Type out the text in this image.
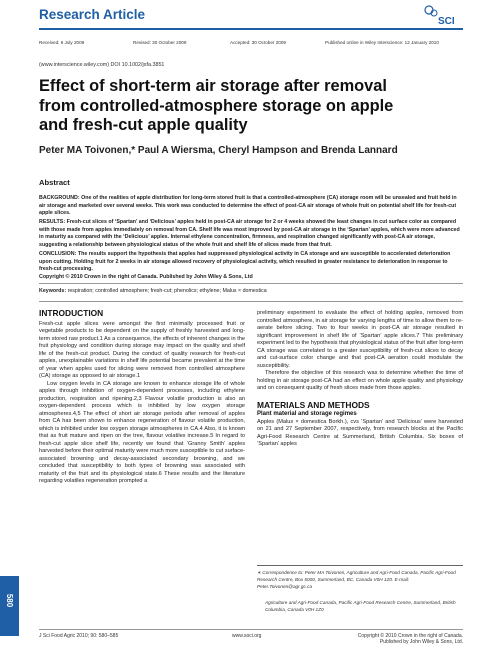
Research Article	SCI
Received: 6 July 2009	Revised: 30 October 2009	Accepted: 30 October 2009	Published online in Wiley Interscience: 12 January 2010
(www.interscience.wiley.com) DOI 10.1002/jsfa.3851
Effect of short-term air storage after removal
from controlled-atmosphere storage on apple
and fresh-cut apple quality
Peter MA Toivonen,* Paul A Wiersma, Cheryl Hampson and Brenda Lannard
Abstract
BACKGROUND: One of the realities of apple distribution for long-term stored fruit is that a controlled-atmosphere (CA) storage room will be unsealed and fruit held in air storage and marketed over several weeks. This work was conducted to determine the effect of post-CA air storage of whole fruit on potential shelf life for fresh-cut apple slices.
RESULTS: Fresh-cut slices of ‘Spartan’ and ‘Delicious’ apples held in post-CA air storage for 2 or 4 weeks showed the least changes in cut surface color as compared with those made from apples immediately on removal from CA. Shelf life was most improved by post-CA air storage in the ‘Spartan’ apples, which were more advanced in maturity as compared with the ‘Delicious’ apples. Internal ethylene concentration, firmness, and respiration changed significantly with post-CA air storage, suggesting a relationship between physiological status of the whole fruit and shelf life of slices made from that fruit.
CONCLUSION: The results support the hypothesis that apples had suppressed physiological activity in CA storage and are susceptible to accelerated deterioration upon cutting. Holding fruit for 2 weeks in air storage allowed recovery of physiological activity, which resulted in greater resistance to deterioration in response to fresh-cut processing.
Copyright © 2010 Crown in the right of Canada. Published by John Wiley & Sons, Ltd
Keywords: respiration; controlled atmosphere; fresh-cut; phenolics; ethylene; Malus × domestica
INTRODUCTION

Fresh-cut apple slices were amongst the first minimally processed fruit or vegetable products to be dependent on the supply of freshly harvested and long-term stored raw product.1 As a consequence, the effects of inherent changes in the fruit physiology and condition during storage may impact on the quality and shelf life of the fresh-cut product. During the conduct of quality research for fresh-cut apples, unexplainable variations in shelf life potential became prevalent at the time of year when apples used for slicing were removed from controlled atmosphere (CA) storage as opposed to air storage.1

Low oxygen levels in CA storage are known to enhance storage life of whole apples through inhibition of oxygen-dependent processes, including ethylene production, respiration and ripening.2,3 Flavour volatile production is also an oxygen-dependent process which is inhibited by low oxygen storage atmospheres.4,5 The effect of short air storage periods after removal of apples from CA has been shown to enhance regeneration of flavour volatile production, which is inhibited under low oxygen storage atmospheres in CA.4 Also, it is known that as fruit mature and ripen on the tree, flavour volatiles increase.5 In regard to fresh-cut apple slice shelf life, recently we found that ‘Granny Smith’ apples harvested before their optimal maturity were much more susceptible to cut surface-associated browning and decay-associated secondary browning, and we concluded that susceptibility to both types of browning was associated with maturity of the fruit and its physiological state.6 These results and the literature regarding volatiles regeneration prompted a

preliminary experiment to evaluate the effect of holding apples, removed from controlled atmosphere, in air storage for varying lengths of time to allow them to re-aerate before slicing. Two to four weeks in post-CA air storage resulted in significant improvement in shelf life of ‘Spartan’ apple slices.7 This preliminary experiment led to the hypothesis that physiological status of the fruit after long-term CA storage was correlated to a greater susceptibility of fresh-cut slices to decay and cut-surface color change and that post-CA aeration could modulate the susceptibility.

Therefore the objective of this research was to determine whether the time of holding in air storage post-CA had an effect on whole apple quality and physiology and on consequent quality of fresh slices made from those apples.

MATERIALS AND METHODS
Plant material and storage regimes

Apples (Malus × domestica Borkh.), cvs ‘Spartan’ and ‘Delicious’ were harvested on 21 and 27 September 2007, respectively, from research blocks at the Pacific Agri-Food Research Centre at Summerland, British Columbia. Six boxes of ‘Spartan’ apples

∗ Correspondence to: Peter MA Toivonen, Agriculture and Agri-Food Canada, Pacific Agri-Food Research Centre, Box 5000, Summerland, BC, Canada V0H 1Z0. E-mail: Peter.Toivonen@agr.gc.ca
Agriculture and Agri-Food Canada, Pacific Agri-Food Research Centre, Summerland, British Columbia, Canada V0H 1Z0
580
J Sci Food Agric 2010; 90: 580–585	www.soci.org	Copyright © 2010 Crown in the right of Canada.
Published by John Wiley & Sons, Ltd.
